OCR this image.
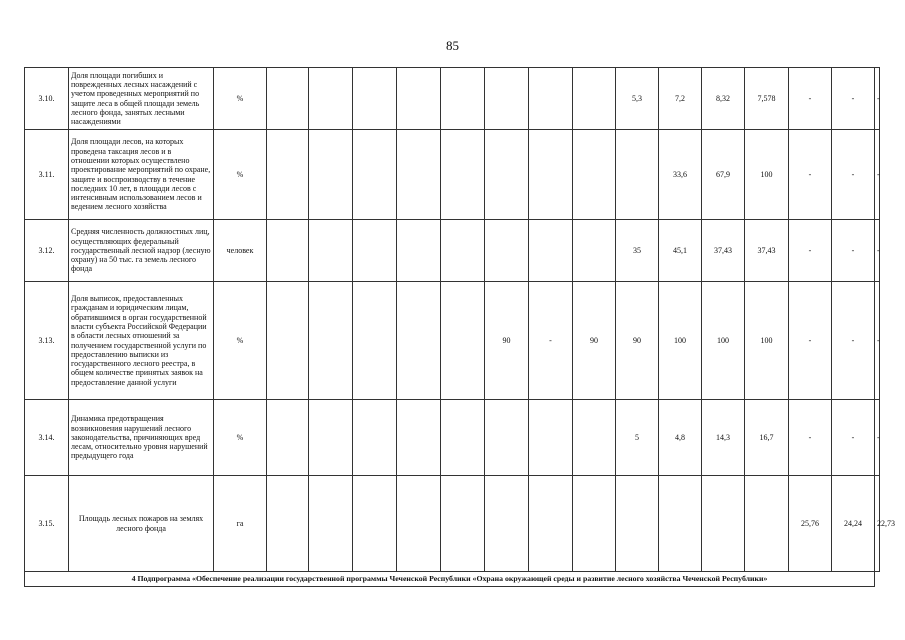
85
3.10.	Доля площади погибших и поврежденных лесных насаждений с учетом проведенных мероприятий по защите леса в общей площади земель лесного фонда, занятых лесными насаждениями	%									5,3	7,2	8,32	7,578	-	-	-
3.11.	Доля площади лесов, на которых проведена таксация лесов и в отношении которых осуществлено проектирование мероприятий по охране, защите и воспроизводству в течение последних 10 лет, в площади лесов с интенсивным использованием лесов и ведением лесного хозяйства	%										33,6	67,9	100	-	-	-
3.12.	Средняя численность должностных лиц, осуществляющих федеральный государственный лесной надзор (лесную охрану) на 50 тыс. га земель лесного фонда	человек									35	45,1	37,43	37,43	-	-	-
3.13.	Доля выписок, предоставленных гражданам и юридическим лицам, обратившимся в орган государственной власти субъекта Российской Федерации в области лесных отношений за получением государственной услуги по предоставлению выписки из государственного лесного реестра, в общем количестве принятых заявок на предоставление данной услуги	%						90	-	90	90	100	100	100	-	-	-
3.14.	Динамика предотвращения возникновения нарушений лесного законодательства, причиняющих вред лесам, относительно уровня нарушений предыдущего года	%									5	4,8	14,3	16,7	-	-	-
3.15.	Площадь лесных пожаров на землях лесного фонда	га													25,76	24,24	22,73
4 Подпрограмма «Обеспечение реализации государственной программы Чеченской Республики «Охрана окружающей среды и развитие лесного хозяйства Чеченской Республики»																	
